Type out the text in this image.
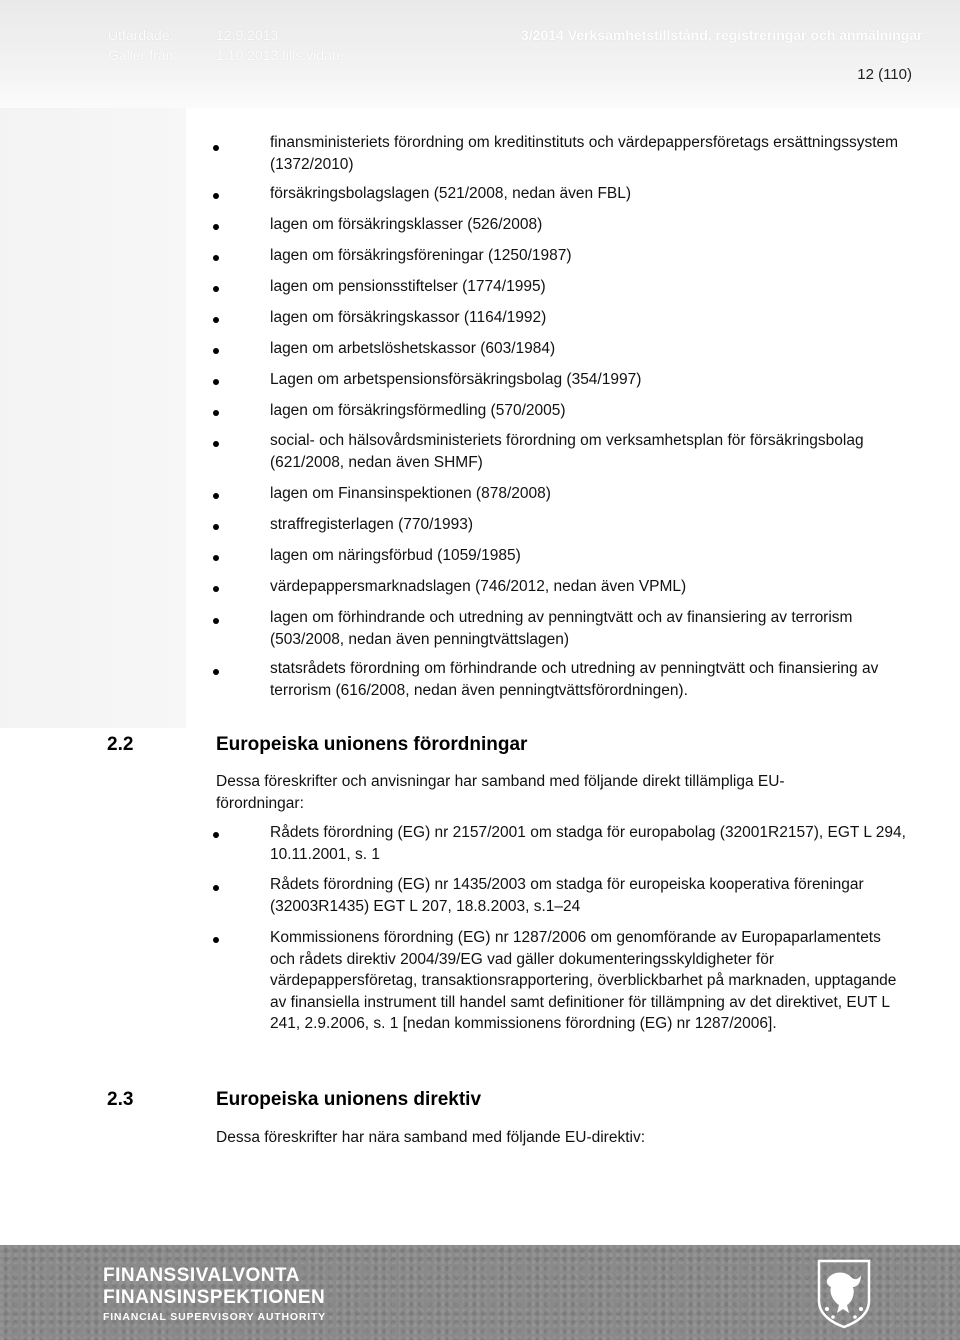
Utfärdade:	12.9.2013
Gäller från:	1.10.2013 tills vidare
3/2014 Verksamhetstillstånd, registreringar och anmälningar
12 (110)
finansministeriets förordning om kreditinstituts och värdepappersföretags ersättningssystem (1372/2010)
försäkringsbolagslagen (521/2008, nedan även FBL)
lagen om försäkringsklasser (526/2008)
lagen om försäkringsföreningar (1250/1987)
lagen om pensionsstiftelser (1774/1995)
lagen om försäkringskassor (1164/1992)
lagen om arbetslöshetskassor (603/1984)
Lagen om arbetspensionsförsäkringsbolag (354/1997)
lagen om försäkringsförmedling (570/2005)
social- och hälsovårdsministeriets förordning om verksamhetsplan för försäkringsbolag (621/2008, nedan även SHMF)
lagen om Finansinspektionen (878/2008)
straffregisterlagen (770/1993)
lagen om näringsförbud (1059/1985)
värdepappersmarknadslagen (746/2012, nedan även VPML)
lagen om förhindrande och utredning av penningtvätt och av finansiering av terrorism (503/2008, nedan även penningtvättslagen)
statsrådets förordning om förhindrande och utredning av penningtvätt och finansiering av terrorism (616/2008, nedan även penningtvättsförordningen).
2.2	Europeiska unionens förordningar
Dessa föreskrifter och anvisningar har samband med följande direkt tillämpliga EU-förordningar:
Rådets förordning (EG) nr 2157/2001 om stadga för europabolag (32001R2157), EGT L 294, 10.11.2001, s. 1
Rådets förordning (EG) nr 1435/2003 om stadga för europeiska kooperativa föreningar (32003R1435) EGT L 207, 18.8.2003, s.1–24
Kommissionens förordning (EG) nr 1287/2006 om genomförande av Europaparlamentets och rådets direktiv 2004/39/EG vad gäller dokumenteringsskyldigheter för värdepappersföretag, transaktionsrapportering, överblickbarhet på marknaden, upptagande av finansiella instrument till handel samt definitioner för tillämpning av det direktivet, EUT L 241, 2.9.2006, s. 1 [nedan kommissionens förordning (EG) nr 1287/2006].
2.3	Europeiska unionens direktiv
Dessa föreskrifter har nära samband med följande EU-direktiv:
FINANSSIVALVONTA
FINANSINSPEKTIONEN
FINANCIAL SUPERVISORY AUTHORITY
